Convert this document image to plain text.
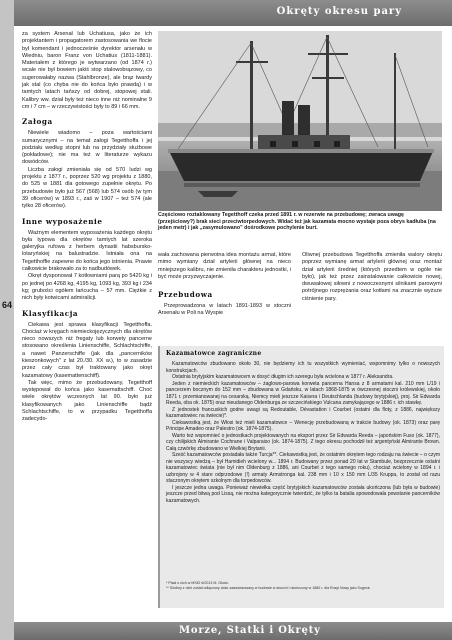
Okręty okresu pary
64

za system Arsenał lub Uchatiusa, jako że ich projektantem i propagatorem zastosowania we flocie był komendant i jednocześnie dyrektor arsenału w Wiedniu, baron Franz von Uchatius (1811-1881). Materiałem z którego je wytwarzano (od 1874 r.) wcale nie był bowiem jakiś stop stalowobrązowy, co sugerowałaby nazwa (Stahlbronze), ale brąz twardy jak stal (co chyba nie do końca było prawdą) i w tamtych latach tańszy od dobrej, stopowej stali. Kalibry ww. dział były też nieco inne niż nominalne 9 cm i 7 cm – w rzeczywistości były to 89 i 66 mm.

Załoga

Niewiele wiadomo – poza wartościami sumarycznymi – na temat załogi Tegetthoffa i jej podziału według stopni lub na przydziały służbowe (pokładowe); nie ma też w literaturze wykazu dowódców.

Liczba załogi zmieniała się od 570 ludzi wg projektu z 1877 r., poprzez 520 wg projektu z 1880, do 525 w 1881 dla gotowego zupełnie okrętu. Po przebudowie było już 567 (568) lub 574 osób (w tym 39 oficerów) w 1893 r., zaś w 1907 – też 574 (ale tylko 28 oficerów).

Inne wyposażenie

Ważnym elementem wyposażenia każdego okrętu była typowa dla okrętów tamtych lat szeroka galeryjka rufowa z herbem dynastii habsbursko-lotaryńskiej na balustradzie. Istniała ona na Tegetthoffie zapewne do końca jego istnienia. Prawie całkowicie brakowało za to nadbudówek.

Okręt dysponował 7 kotłowniami parą po 5420 kg i po jednej po 4268 kg, 4195 kg, 1093 kg, 393 kg i 234 kg; grubości ogółem łańcucha – 57 mm. Ciężkie z nich były kotwicami admiralicji.

Klasyfikacja

Ciekawa jest sprawa klasyfikacji Tegetthoffa. Chociaż w kręgach niemieckojęzycznych dla okrętów nieco nowszych niż fregaty lub korwety pancerne stosowano określenia Linienschiffe, Schlachtschiffe, a nawet Panzerschiffe (jak dla „pancerników kieszonkowych" z lat 20./30. XX w.), to w zasadzie przez cały czas był traktowany jako okręt kazamatowy (kasemattenschiff).

Tak więc, mimo że przebudowany, Tegetthoff występował do końca jako kasemattschiff. Choć wiele okrętów wczesnych lat 90. było już klasyfikowanych jako Linienschiffe bądź Schlachtschiffe, to w przypadku Tegetthoffa zadecydo-

Częściowo roztaklowany Tegetthoff czeka przed 1891 r. w rezerwie na przebudowę; zwraca uwagę (przejściowy?) brak sieci przeciwtorpedowych. Widać też jak kazamata mocno wystaje poza obrys kadłuba (na jeden metr) i jak „zasymulowano" dośrodkowe pochylenie burt.

wała zachowana pierwotna idea montażu armat, które mimo wymiany dział artylerii głównej na nieco mniejszego kalibru, nie zmieniła charakteru jednostki, i być może przyzwyczajenie.

Przebudowa

Przeprowadzona w latach 1891-1893 w stoczni Arsenału w Poli na Wyspie

Oliwnej przebudowa Tegetthoffa zmieniła walory okrętu poprzez wymianę armat artylerii głównej oraz montaż dział artylerii średniej (których przedtem w ogóle nie było), jak też przez zainstalowanie całkowicie nowej, dwuwałowej siłowni z nowoczesnymi silnikami parowymi potrójnego rozprężania oraz kotłami na znacznie wyższe ciśnienie pary.

Kazamatowce zagraniczne

Kazamatowców zbudowano około 30, nie będziemy ich tu wszystkich wymieniać, wspomnimy tylko o nowszych konstrukcjach.

Ostatnia brytyjskim kazamatowcem w dosyć długim ich szeregu była wcielona w 1877 r. Aleksandra.

Jeden z niemieckich kazamatowców – żaglowo-parowa korweta pancerna Hansa z 8 armatami kal. 210 mm L/19 i pancerzem bocznym do 152 mm – zbudowana w Gdańsku, w latach 1868-1875 w ówczesnej stoczni królewskiej, około 1871 r. przemianowanej na cesarską. Niemcy mieli jeszcze Kaisera i Deutschlanda (budowy brytyjskiej), proj. Sir Edwarda Reeda, oba ok. 1875) oraz nieudanego Oldenburga ze szczecińskiego Vulcana zamykającego w 1886 r. ich stawkę.

Z jednostek francuskich godne uwagi są Redoutable, Dévastation i Courbet (ostatni dla floty, z 1886, największy kazamatowiec na świecie)*.

Ciekawostką jest, że Włosi też mieli kazamatowce – Wenecję przebudowaną w trakcie budowy (ok. 1873) oraz parę Principe Amadeo oraz Palestro (ok. 1874-1875).

Warto też wspomnieć o jednostkach projektowanych na eksport przez Sir Edwarda Reeda – japońskim Fuso (ok. 1877), czy chilijskich Almirante Cochrane i Valparaiso (ok. 1874-1875). Z tego okresu pochodził też argentyński Almirante Brown. Całą czwórkę zbudowano w Wielkiej Brytanii.

Sześć kazamatowców posiadała także Turcja**. Ciekawostką jest, że ostatnim okrętem tego rodzaju na świecie – o czym nie wszyscy wiedzą – był Hamidieh wcielony w... 1894 r. Budowany przez ponad 20 lat w Stambule, bezprzecznie ostatni kazamatowiec świata (nie był nim Oldenburg z 1886, ani Courbet z tego samego roku), chociaż wcielony w 1894 r. i uzbrojony w 4 stare odprzodowe (!) armaty Armstronga kal. 238 mm i 10 x 150 mm L/35 Kruppa, to został od razu staczonym okrętem szkolnym dla torpedowców.

I jeszcze jedna uwaga. Ponieważ niewiełka część brytyjskich kazamatowców została ukończona (lub była w budowie) jeszcze przed bitwą pod Lissą, nie można kategorycznie twierdzić, że tylko ta batalia spowodowała powstanie pancerników kazamatowych.

* Pisał o nich w MSiO 6/2013 M. Głodo.

** Siódmy z nich został odłączony dość zaawansowany w budowie w stoczni i ukończony w 1880 r. dla Rosyi Nowy jako Sugeck.

Morze, Statki i Okręty
